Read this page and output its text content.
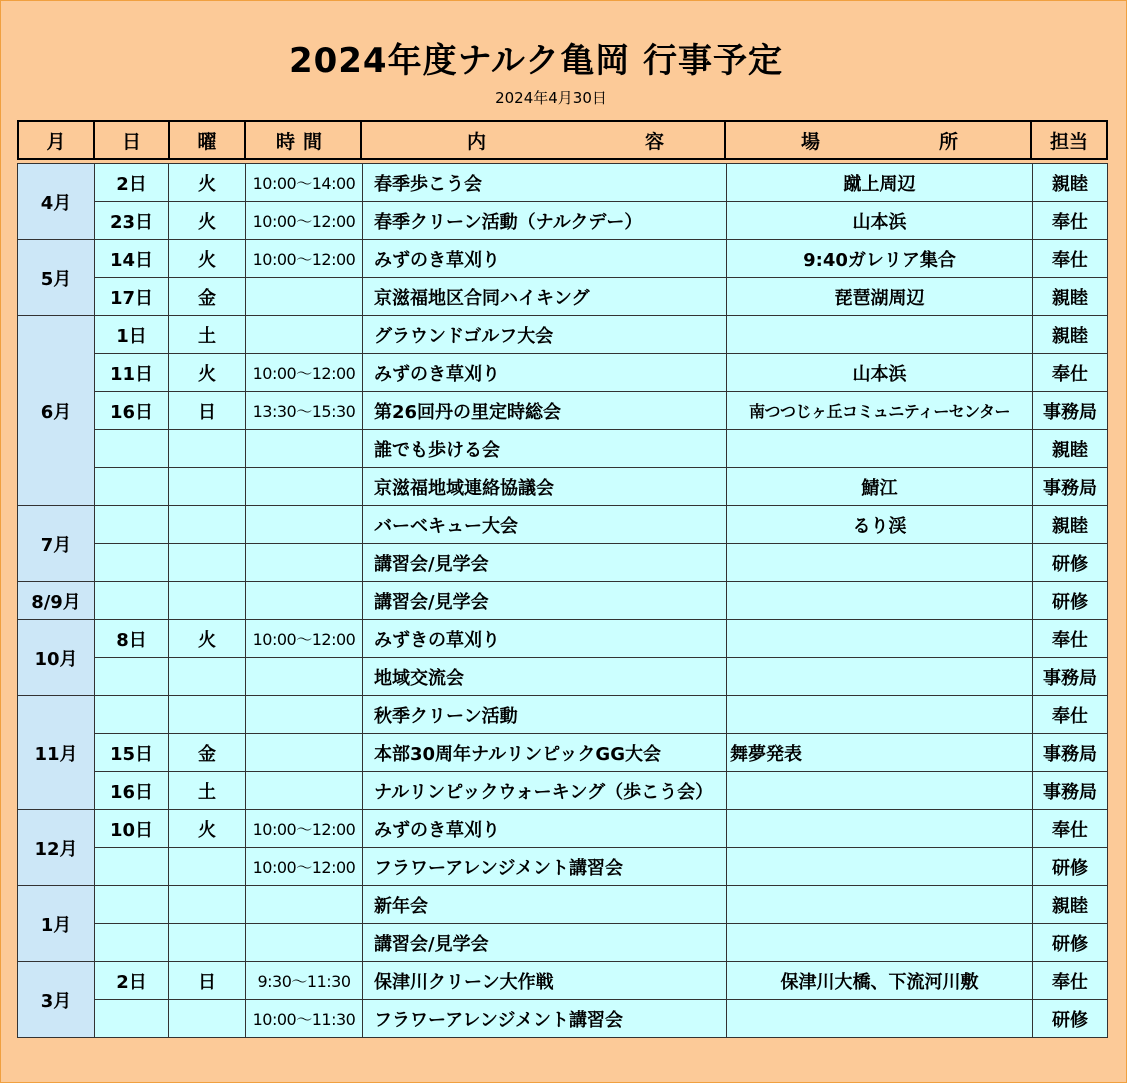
2024年度ナルク亀岡 行事予定
2024年4月30日
月	日	曜	時間	内	容	場	所	担当
4月	2日	火	10:00～14:00	春季歩こう会	蹴上周辺	親睦
	23日	火	10:00～12:00	春季クリーン活動（ナルクデー）	山本浜	奉仕
5月	14日	火	10:00～12:00	みずのき草刈り	9:40ガレリア集合	奉仕
	17日	金		京滋福地区合同ハイキング	琵琶湖周辺	親睦
6月	1日	土		グラウンドゴルフ大会		親睦
	11日	火	10:00～12:00	みずのき草刈り	山本浜	奉仕
	16日	日	13:30～15:30	第26回丹の里定時総会	南つつじヶ丘コミュニティーセンター	事務局
				誰でも歩ける会		親睦
				京滋福地域連絡協議会	鯖江	事務局
7月				バーベキュー大会	るり渓	親睦
				講習会/見学会		研修
8/9月				講習会/見学会		研修
10月	8日	火	10:00～12:00	みずきの草刈り		奉仕
				地域交流会		事務局
11月				秋季クリーン活動		奉仕
	15日	金		本部30周年ナルリンピックGG大会	舞夢発表	事務局
	16日	土		ナルリンピックウォーキング（歩こう会）		事務局
12月	10日	火	10:00～12:00	みずのき草刈り		奉仕
			10:00～12:00	フラワーアレンジメント講習会		研修
1月				新年会		親睦
				講習会/見学会		研修
3月	2日	日	9:30～11:30	保津川クリーン大作戦	保津川大橋、下流河川敷	奉仕
			10:00～11:30	フラワーアレンジメント講習会		研修
